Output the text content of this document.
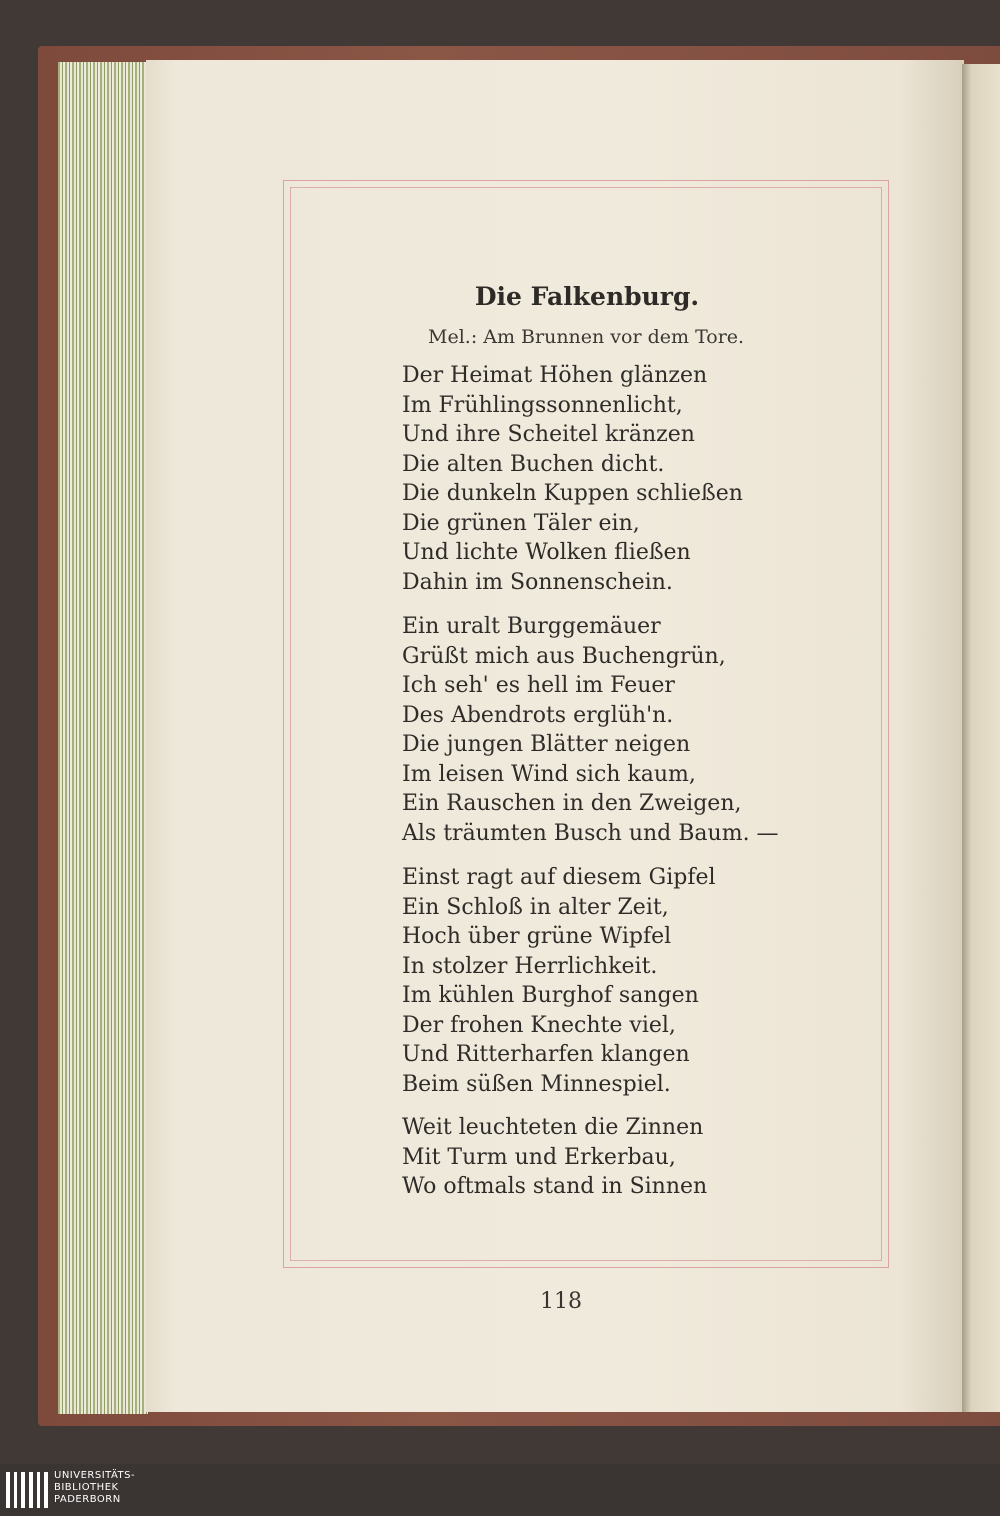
Die Falkenburg.

Mel.: Am Brunnen vor dem Tore.

Der Heimat Höhen glänzen

Im Frühlingssonnenlicht,

Und ihre Scheitel kränzen

Die alten Buchen dicht.

Die dunkeln Kuppen schließen

Die grünen Täler ein,

Und lichte Wolken fließen

Dahin im Sonnenschein.

Ein uralt Burggemäuer

Grüßt mich aus Buchengrün,

Ich seh' es hell im Feuer

Des Abendrots erglüh'n.

Die jungen Blätter neigen

Im leisen Wind sich kaum,

Ein Rauschen in den Zweigen,

Als träumten Busch und Baum. —

Einst ragt auf diesem Gipfel

Ein Schloß in alter Zeit,

Hoch über grüne Wipfel

In stolzer Herrlichkeit.

Im kühlen Burghof sangen

Der frohen Knechte viel,

Und Ritterharfen klangen

Beim süßen Minnespiel.

Weit leuchteten die Zinnen

Mit Turm und Erkerbau,

Wo oftmals stand in Sinnen

118

UNIVERSITÄTS-
BIBLIOTHEK
PADERBORN
